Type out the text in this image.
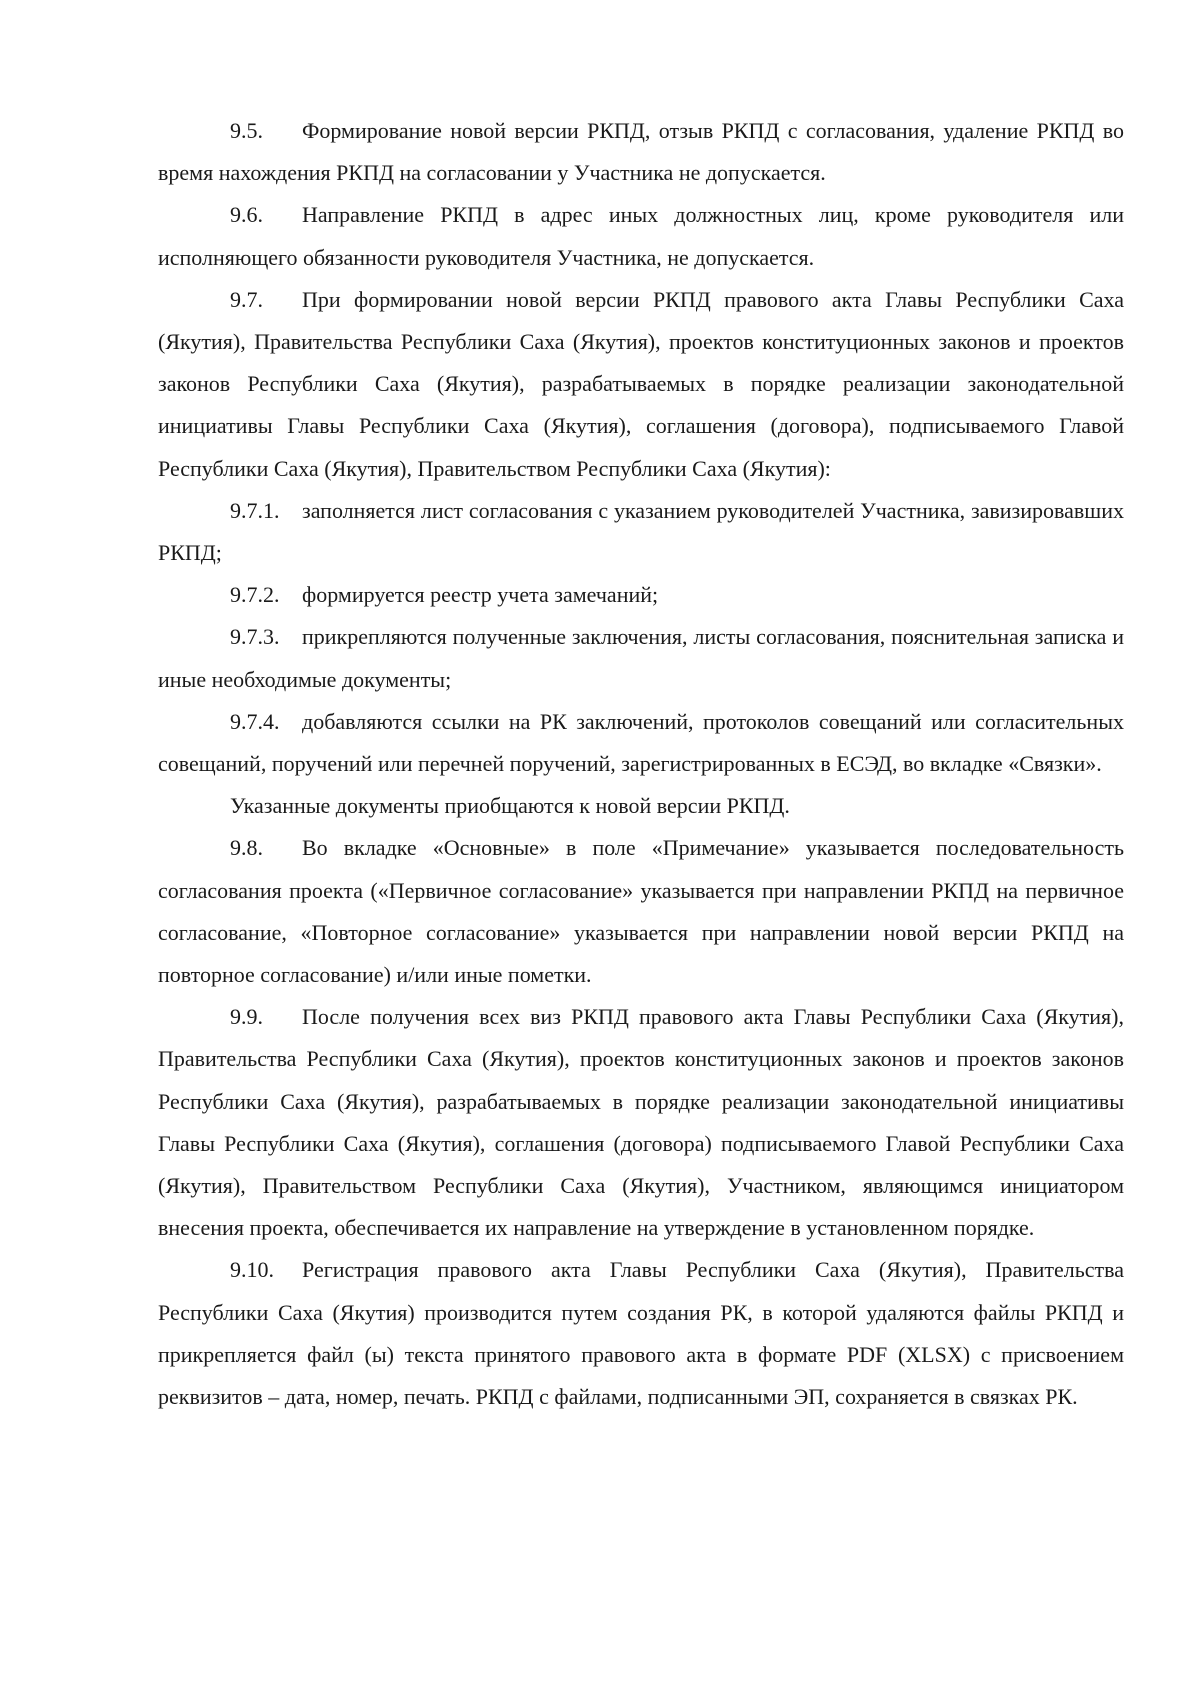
9.5. Формирование новой версии РКПД, отзыв РКПД с согласования, удаление РКПД во время нахождения РКПД на согласовании у Участника не допускается.

9.6. Направление РКПД в адрес иных должностных лиц, кроме руководителя или исполняющего обязанности руководителя Участника, не допускается.

9.7. При формировании новой версии РКПД правового акта Главы Республики Саха (Якутия), Правительства Республики Саха (Якутия), проектов конституционных законов и проектов законов Республики Саха (Якутия), разрабатываемых в порядке реализации законодательной инициативы Главы Республики Саха (Якутия), соглашения (договора), подписываемого Главой Республики Саха (Якутия), Правительством Республики Саха (Якутия):

9.7.1. заполняется лист согласования с указанием руководителей Участника, завизировавших РКПД;

9.7.2. формируется реестр учета замечаний;

9.7.3. прикрепляются полученные заключения, листы согласования, пояснительная записка и иные необходимые документы;

9.7.4. добавляются ссылки на РК заключений, протоколов совещаний или согласительных совещаний, поручений или перечней поручений, зарегистрированных в ЕСЭД, во вкладке «Связки».

Указанные документы приобщаются к новой версии РКПД.

9.8. Во вкладке «Основные» в поле «Примечание» указывается последовательность согласования проекта («Первичное согласование» указывается при направлении РКПД на первичное согласование, «Повторное согласование» указывается при направлении новой версии РКПД на повторное согласование) и/или иные пометки.

9.9. После получения всех виз РКПД правового акта Главы Республики Саха (Якутия), Правительства Республики Саха (Якутия), проектов конституционных законов и проектов законов Республики Саха (Якутия), разрабатываемых в порядке реализации законодательной инициативы Главы Республики Саха (Якутия), соглашения (договора) подписываемого Главой Республики Саха (Якутия), Правительством Республики Саха (Якутия), Участником, являющимся инициатором внесения проекта, обеспечивается их направление на утверждение в установленном порядке.

9.10. Регистрация правового акта Главы Республики Саха (Якутия), Правительства Республики Саха (Якутия) производится путем создания РК, в которой удаляются файлы РКПД и прикрепляется файл (ы) текста принятого правового акта в формате PDF (XLSX) с присвоением реквизитов – дата, номер, печать. РКПД с файлами, подписанными ЭП, сохраняется в связках РК.
